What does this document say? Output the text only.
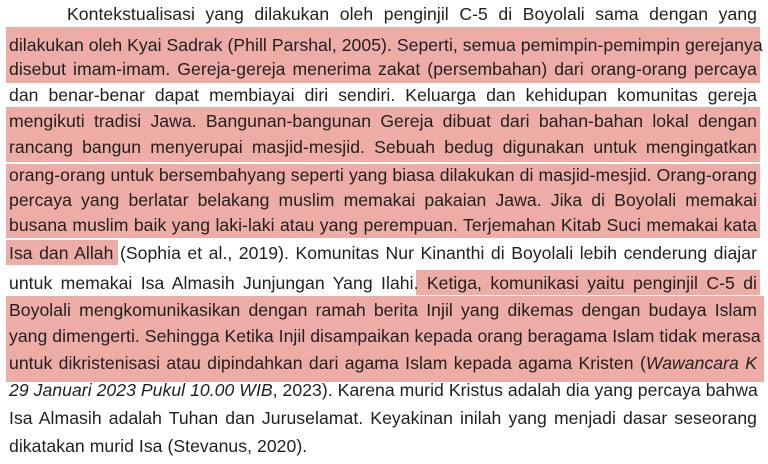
Kontekstualisasi yang dilakukan oleh penginjil C-5 di Boyolali sama dengan yang
dilakukan oleh Kyai Sadrak (Phill Parshal, 2005). Seperti, semua pemimpin-pemimpin gerejanya
disebut imam-imam. Gereja-gereja menerima zakat (persembahan) dari orang-orang percaya
dan benar-benar dapat membiayai diri sendiri. Keluarga dan kehidupan komunitas gereja
mengikuti tradisi Jawa. Bangunan-bangunan Gereja dibuat dari bahan-bahan lokal dengan
rancang bangun menyerupai masjid-mesjid. Sebuah bedug digunakan untuk mengingatkan
orang-orang untuk bersembahyang seperti yang biasa dilakukan di masjid-mesjid. Orang-orang
percaya yang berlatar belakang muslim memakai pakaian Jawa. Jika di Boyolali memakai
busana muslim baik yang laki-laki atau yang perempuan. Terjemahan Kitab Suci memakai kata
Isa dan Allah (Sophia et al., 2019). Komunitas Nur Kinanthi di Boyolali lebih cenderung diajar
untuk memakai Isa Almasih Junjungan Yang Ilahi. Ketiga, komunikasi yaitu penginjil C-5 di
Boyolali mengkomunikasikan dengan ramah berita Injil yang dikemas dengan budaya Islam
yang dimengerti. Sehingga Ketika Injil disampaikan kepada orang beragama Islam tidak merasa
untuk dikristenisasi atau dipindahkan dari agama Islam kepada agama Kristen (Wawancara K
29 Januari 2023 Pukul 10.00 WIB, 2023). Karena murid Kristus adalah dia yang percaya bahwa
Isa Almasih adalah Tuhan dan Juruselamat. Keyakinan inilah yang menjadi dasar seseorang
dikatakan murid Isa (Stevanus, 2020).
